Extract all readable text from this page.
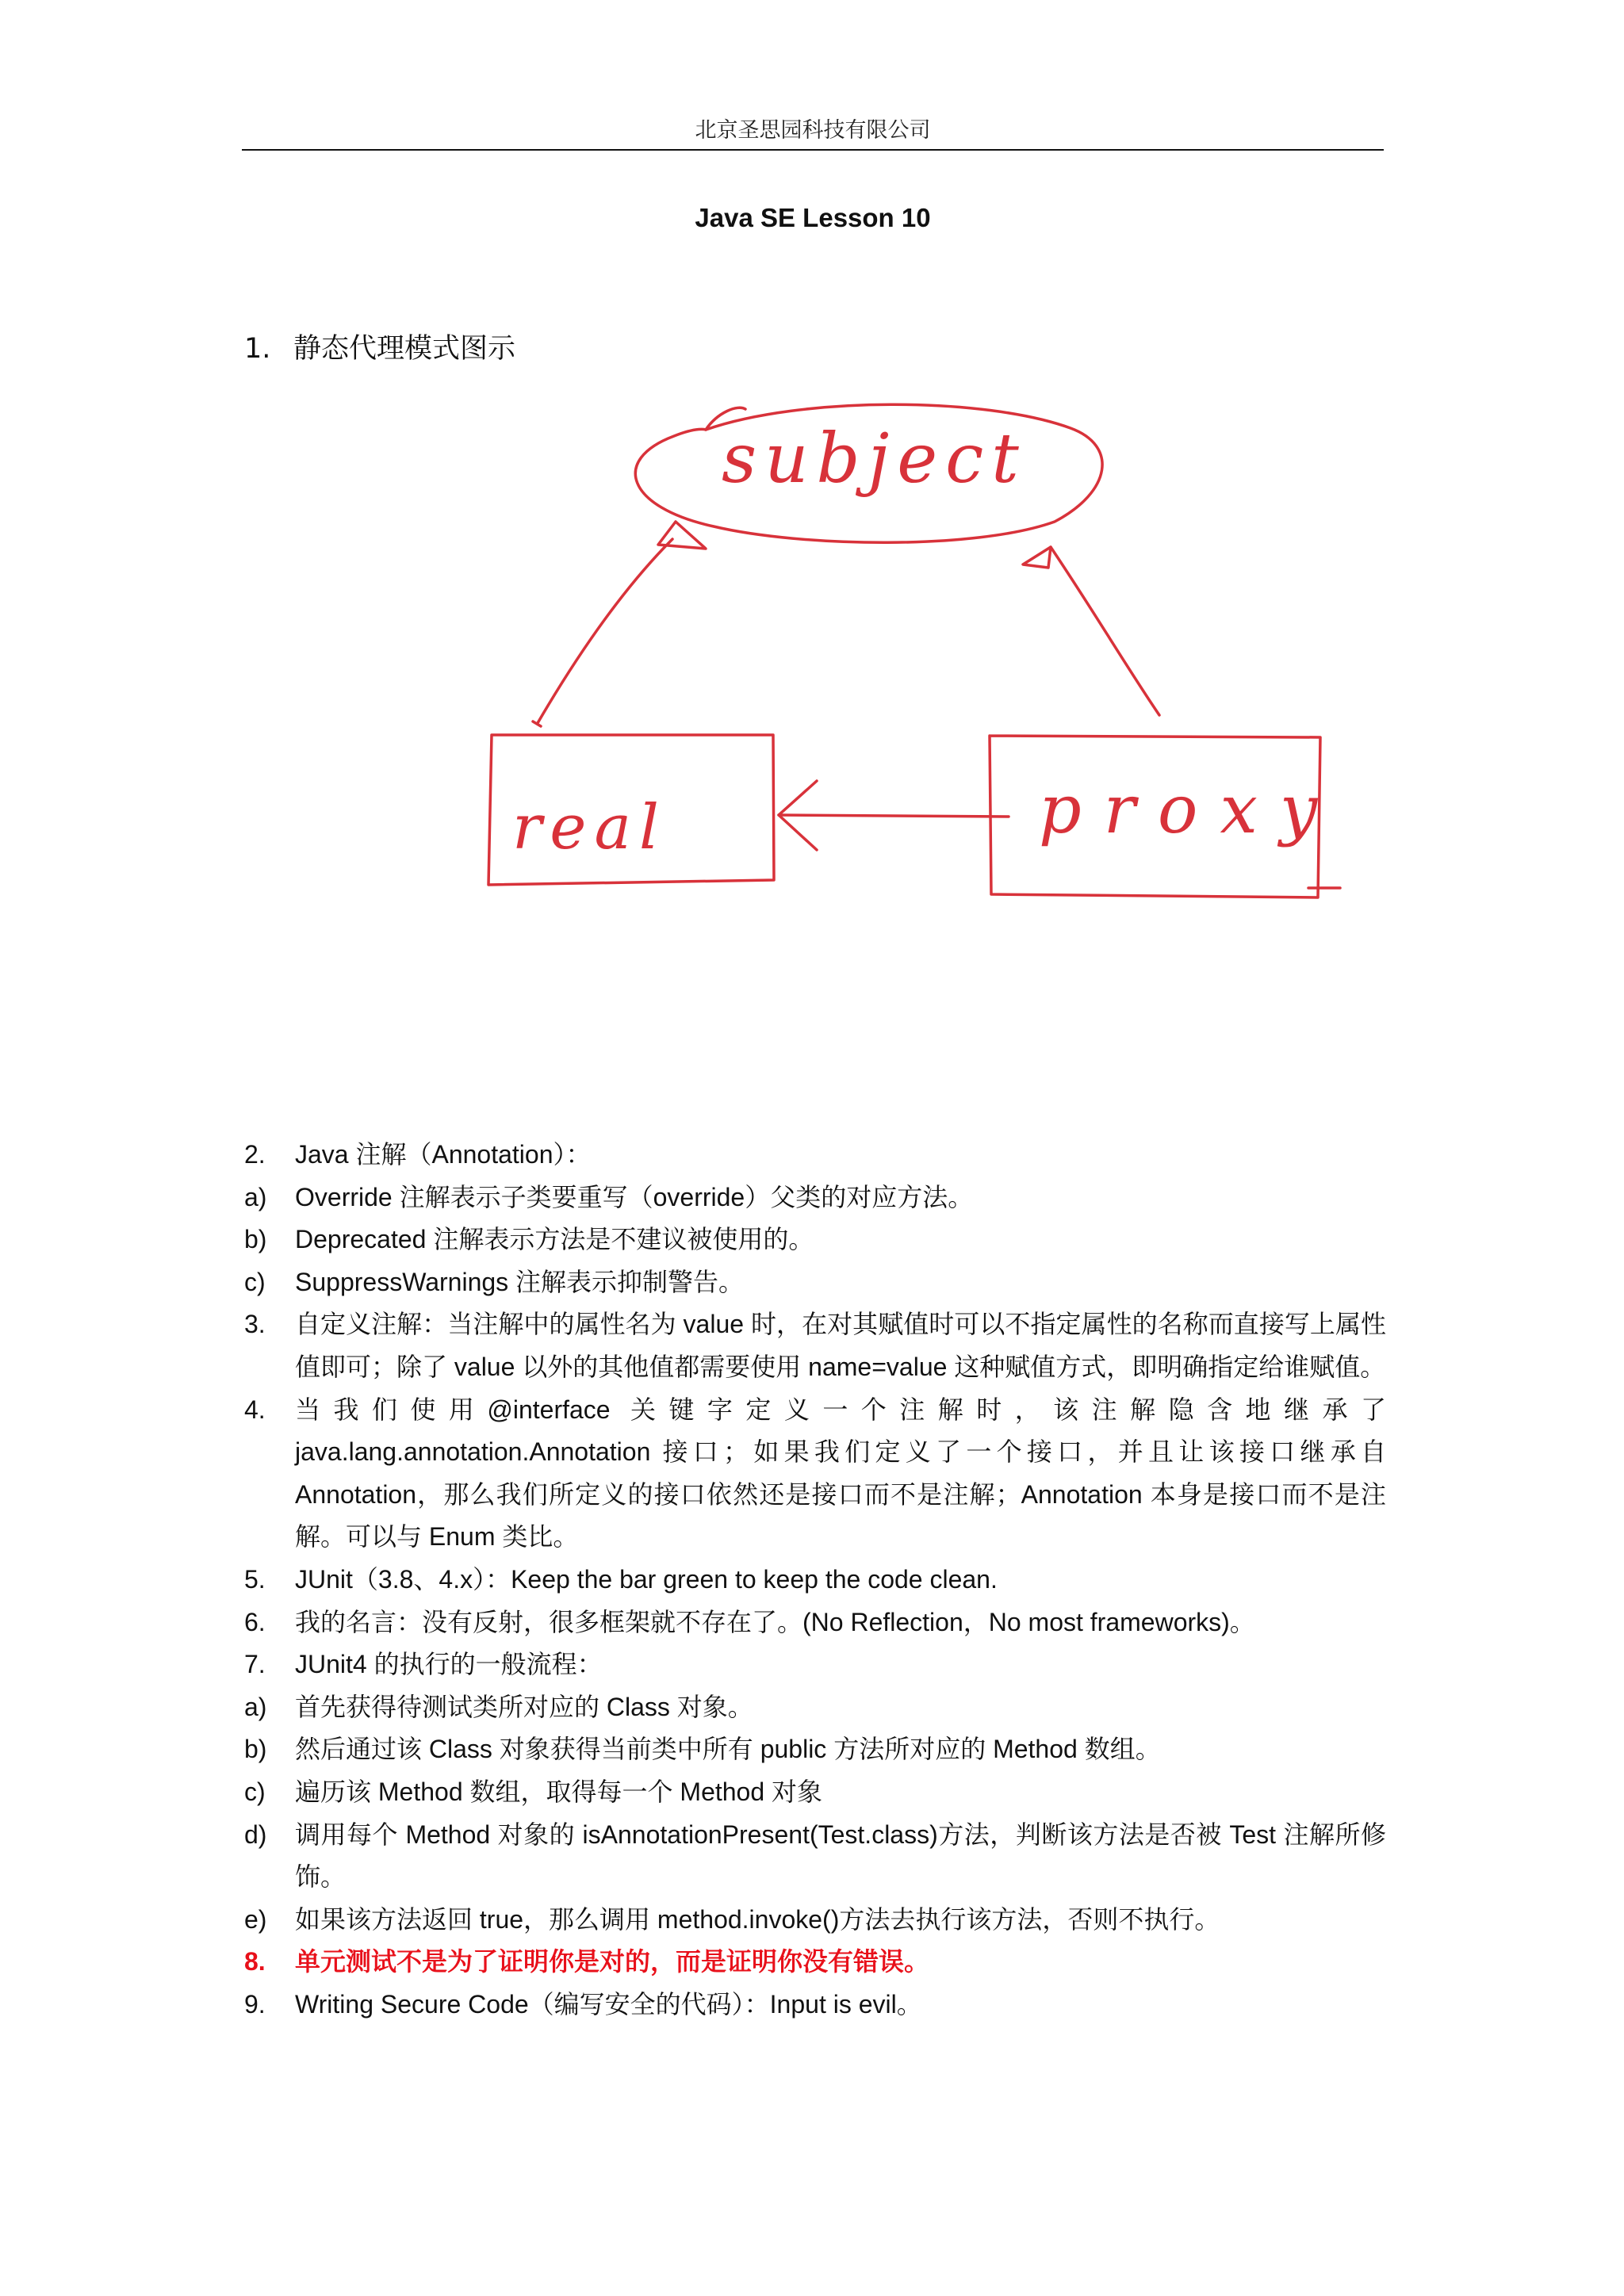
北京圣思园科技有限公司
Java SE Lesson 10
1. 静态代理模式图示
subject
real	proxy
2.	Java 注解（Annotation）：
a)	Override 注解表示子类要重写（override）父类的对应方法。
b)	Deprecated 注解表示方法是不建议被使用的。
c)	SuppressWarnings 注解表示抑制警告。
3.	自定义注解：当注解中的属性名为 value 时，在对其赋值时可以不指定属性的名称而直接写上属性值即可；除了 value 以外的其他值都需要使用 name=value 这种赋值方式，即明确指定给谁赋值。
4.	当我们使用@interface 关键字定义一个注解时，该注解隐含地继承了java.lang.annotation.Annotation 接口；如果我们定义了一个接口，并且让该接口继承自 Annotation，那么我们所定义的接口依然还是接口而不是注解；Annotation 本身是接口而不是注解。可以与 Enum 类比。
5.	JUnit（3.8、4.x）：Keep the bar green to keep the code clean.
6.	我的名言：没有反射，很多框架就不存在了。(No Reflection，No most frameworks)。
7.	JUnit4 的执行的一般流程：
a)	首先获得待测试类所对应的 Class 对象。
b)	然后通过该 Class 对象获得当前类中所有 public 方法所对应的 Method 数组。
c)	遍历该 Method 数组，取得每一个 Method 对象
d)	调用每个 Method 对象的 isAnnotationPresent(Test.class)方法，判断该方法是否被 Test 注解所修饰。
e)	如果该方法返回 true，那么调用 method.invoke()方法去执行该方法，否则不执行。
8.	单元测试不是为了证明你是对的，而是证明你没有错误。
9.	Writing Secure Code（编写安全的代码）：Input is evil。
